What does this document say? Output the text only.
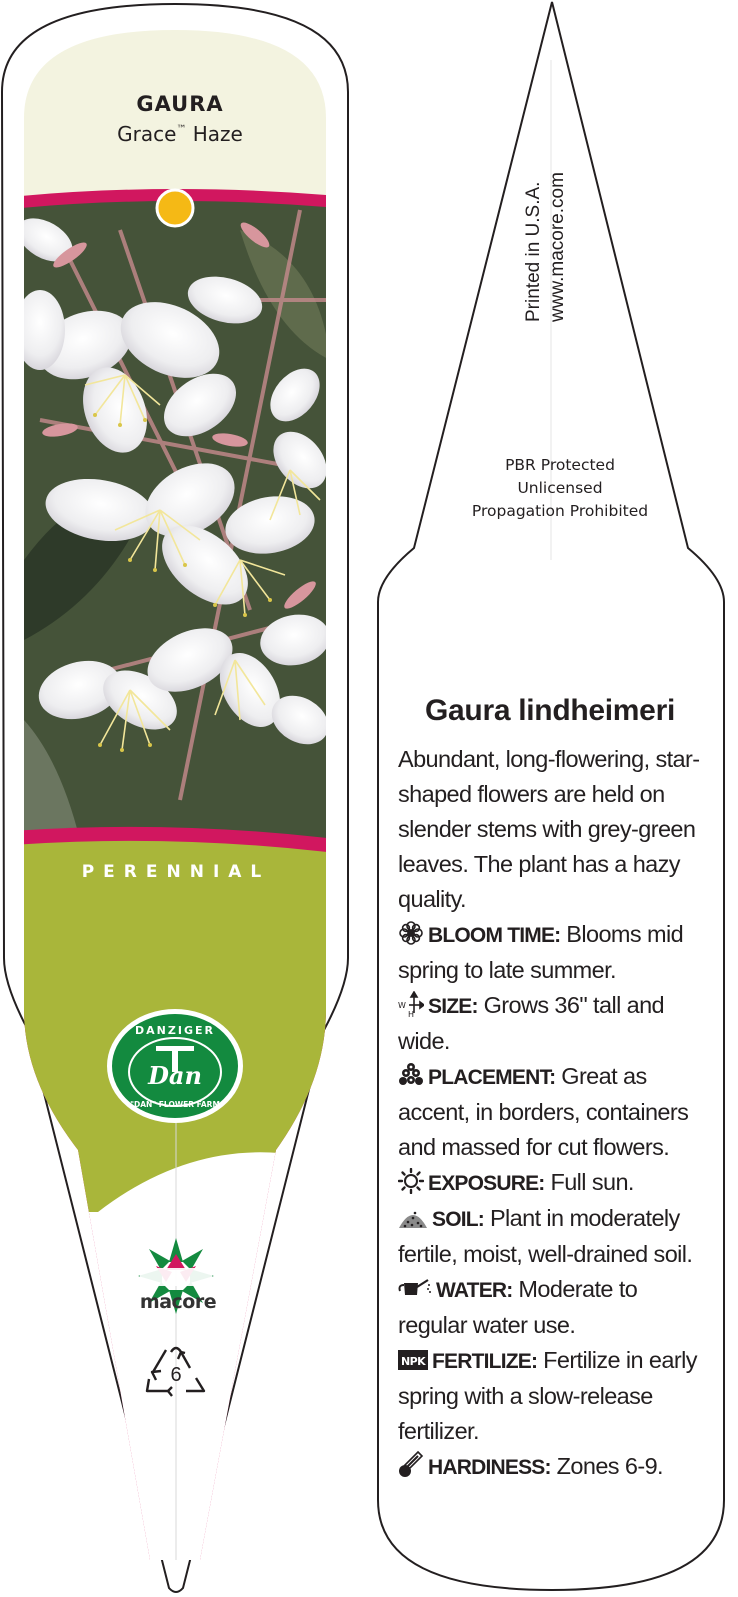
GAURA
Grace™ Haze
PERENNIAL
DANZIGER
Dan
"DAN" FLOWER FARM
macore
6
Printed in U.S.A. www.macore.com
PBR Protected
Unlicensed
Propagation Prohibited
Gaura lindheimeri

Abundant, long-flowering, star-shaped flowers are held on slender stems with grey-green leaves. The plant has a hazy quality.

BLOOM TIME: Blooms mid spring to late summer.

W
H SIZE: Grows 36" tall and wide.

PLACEMENT: Great as accent, in borders, containers and massed for cut flowers.

EXPOSURE: Full sun.

SOIL: Plant in moderately fertile, moist, well-drained soil.

WATER: Moderate to regular water use.

NPK FERTILIZE: Fertilize in early spring with a slow-release fertilizer.

HARDINESS: Zones 6-9.
